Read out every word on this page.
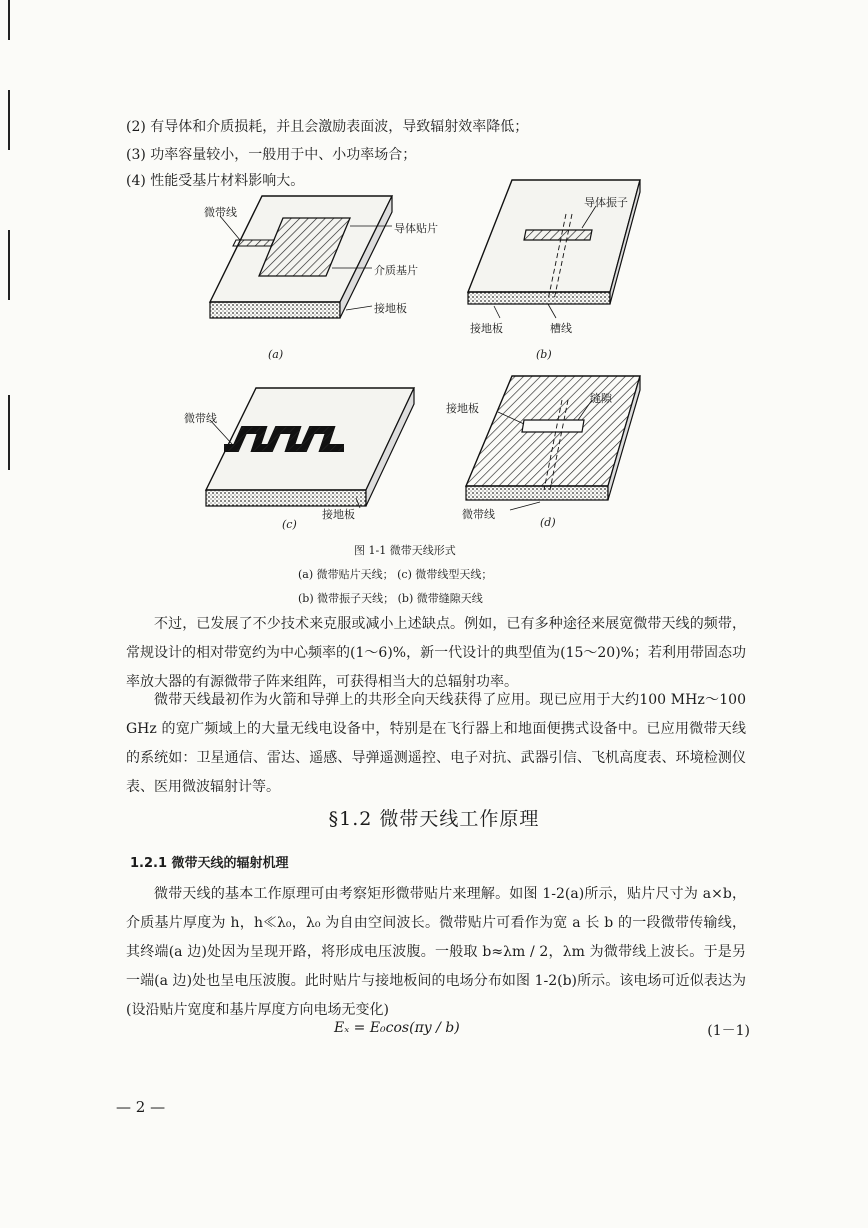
(2) 有导体和介质损耗，并且会激励表面波，导致辐射效率降低；
(3) 功率容量较小，一般用于中、小功率场合；
(4) 性能受基片材料影响大。
微带线
导体贴片
介质基片
接地板
(a)
导体振子
接地板	槽线
(b)
微带线
接地板
(c)
接地板
缝隙
微带线
(d)
图 1-1 微带天线形式
(a) 微带贴片天线； (c) 微带线型天线；
(b) 微带振子天线； (b) 微带缝隙天线
不过，已发展了不少技术来克服或减小上述缺点。例如，已有多种途径来展宽微带天线的频带，常规设计的相对带宽约为中心频率的(1～6)%，新一代设计的典型值为(15～20)%；若利用带固态功率放大器的有源微带子阵来组阵，可获得相当大的总辐射功率。
微带天线最初作为火箭和导弹上的共形全向天线获得了应用。现已应用于大约100 MHz～100 GHz 的宽广频域上的大量无线电设备中，特别是在飞行器上和地面便携式设备中。已应用微带天线的系统如：卫星通信、雷达、遥感、导弹遥测遥控、电子对抗、武器引信、飞机高度表、环境检测仪表、医用微波辐射计等。
§1.2 微带天线工作原理
1.2.1 微带天线的辐射机理
微带天线的基本工作原理可由考察矩形微带贴片来理解。如图 1-2(a)所示，贴片尺寸为 a×b，介质基片厚度为 h，h≪λ₀，λ₀ 为自由空间波长。微带贴片可看作为宽 a 长 b 的一段微带传输线，其终端(a 边)处因为呈现开路，将形成电压波腹。一般取 b≈λm / 2，λm 为微带线上波长。于是另一端(a 边)处也呈电压波腹。此时贴片与接地板间的电场分布如图 1-2(b)所示。该电场可近似表达为(设沿贴片宽度和基片厚度方向电场无变化)
Eₓ = E₀cos(πy / b)	(1－1)
— 2 —
